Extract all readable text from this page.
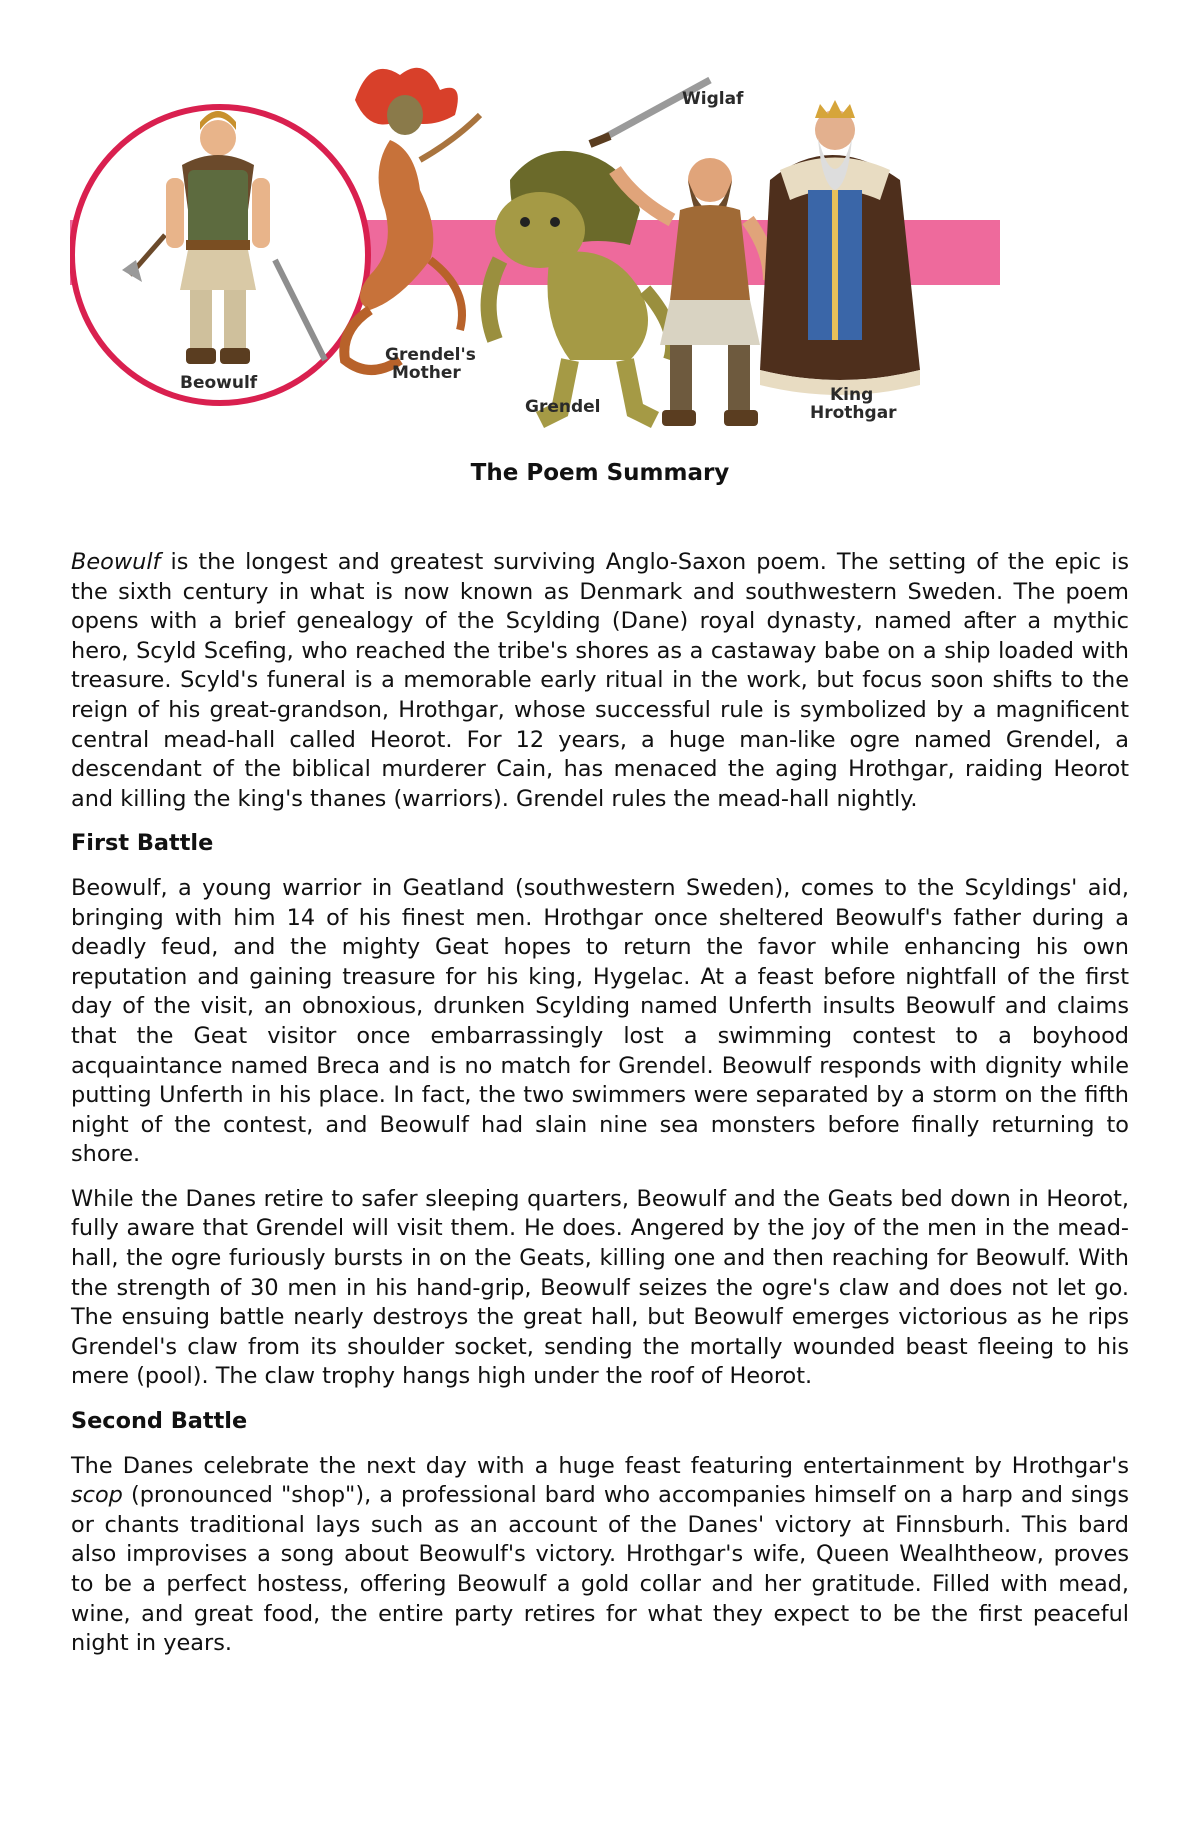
Beowulf
Grendel's
Mother
Grendel
Wiglaf
King
Hrothgar
The Poem Summary

Beowulf is the longest and greatest surviving Anglo-Saxon poem. The setting of the epic is the sixth century in what is now known as Denmark and southwestern Sweden. The poem opens with a brief genealogy of the Scylding (Dane) royal dynasty, named after a mythic hero, Scyld Scefing, who reached the tribe's shores as a castaway babe on a ship loaded with treasure. Scyld's funeral is a memorable early ritual in the work, but focus soon shifts to the reign of his great-grandson, Hrothgar, whose successful rule is symbolized by a magnificent central mead-hall called Heorot. For 12 years, a huge man-like ogre named Grendel, a descendant of the biblical murderer Cain, has menaced the aging Hrothgar, raiding Heorot and killing the king's thanes (warriors). Grendel rules the mead-hall nightly.

First Battle

Beowulf, a young warrior in Geatland (southwestern Sweden), comes to the Scyldings' aid, bringing with him 14 of his finest men. Hrothgar once sheltered Beowulf's father during a deadly feud, and the mighty Geat hopes to return the favor while enhancing his own reputation and gaining treasure for his king, Hygelac. At a feast before nightfall of the first day of the visit, an obnoxious, drunken Scylding named Unferth insults Beowulf and claims that the Geat visitor once embarrassingly lost a swimming contest to a boyhood acquaintance named Breca and is no match for Grendel. Beowulf responds with dignity while putting Unferth in his place. In fact, the two swimmers were separated by a storm on the fifth night of the contest, and Beowulf had slain nine sea monsters before finally returning to shore.

While the Danes retire to safer sleeping quarters, Beowulf and the Geats bed down in Heorot, fully aware that Grendel will visit them. He does. Angered by the joy of the men in the mead-hall, the ogre furiously bursts in on the Geats, killing one and then reaching for Beowulf. With the strength of 30 men in his hand-grip, Beowulf seizes the ogre's claw and does not let go. The ensuing battle nearly destroys the great hall, but Beowulf emerges victorious as he rips Grendel's claw from its shoulder socket, sending the mortally wounded beast fleeing to his mere (pool). The claw trophy hangs high under the roof of Heorot.

Second Battle

The Danes celebrate the next day with a huge feast featuring entertainment by Hrothgar's scop (pronounced "shop"), a professional bard who accompanies himself on a harp and sings or chants traditional lays such as an account of the Danes' victory at Finnsburh. This bard also improvises a song about Beowulf's victory. Hrothgar's wife, Queen Wealhtheow, proves to be a perfect hostess, offering Beowulf a gold collar and her gratitude. Filled with mead, wine, and great food, the entire party retires for what they expect to be the first peaceful night in years.
